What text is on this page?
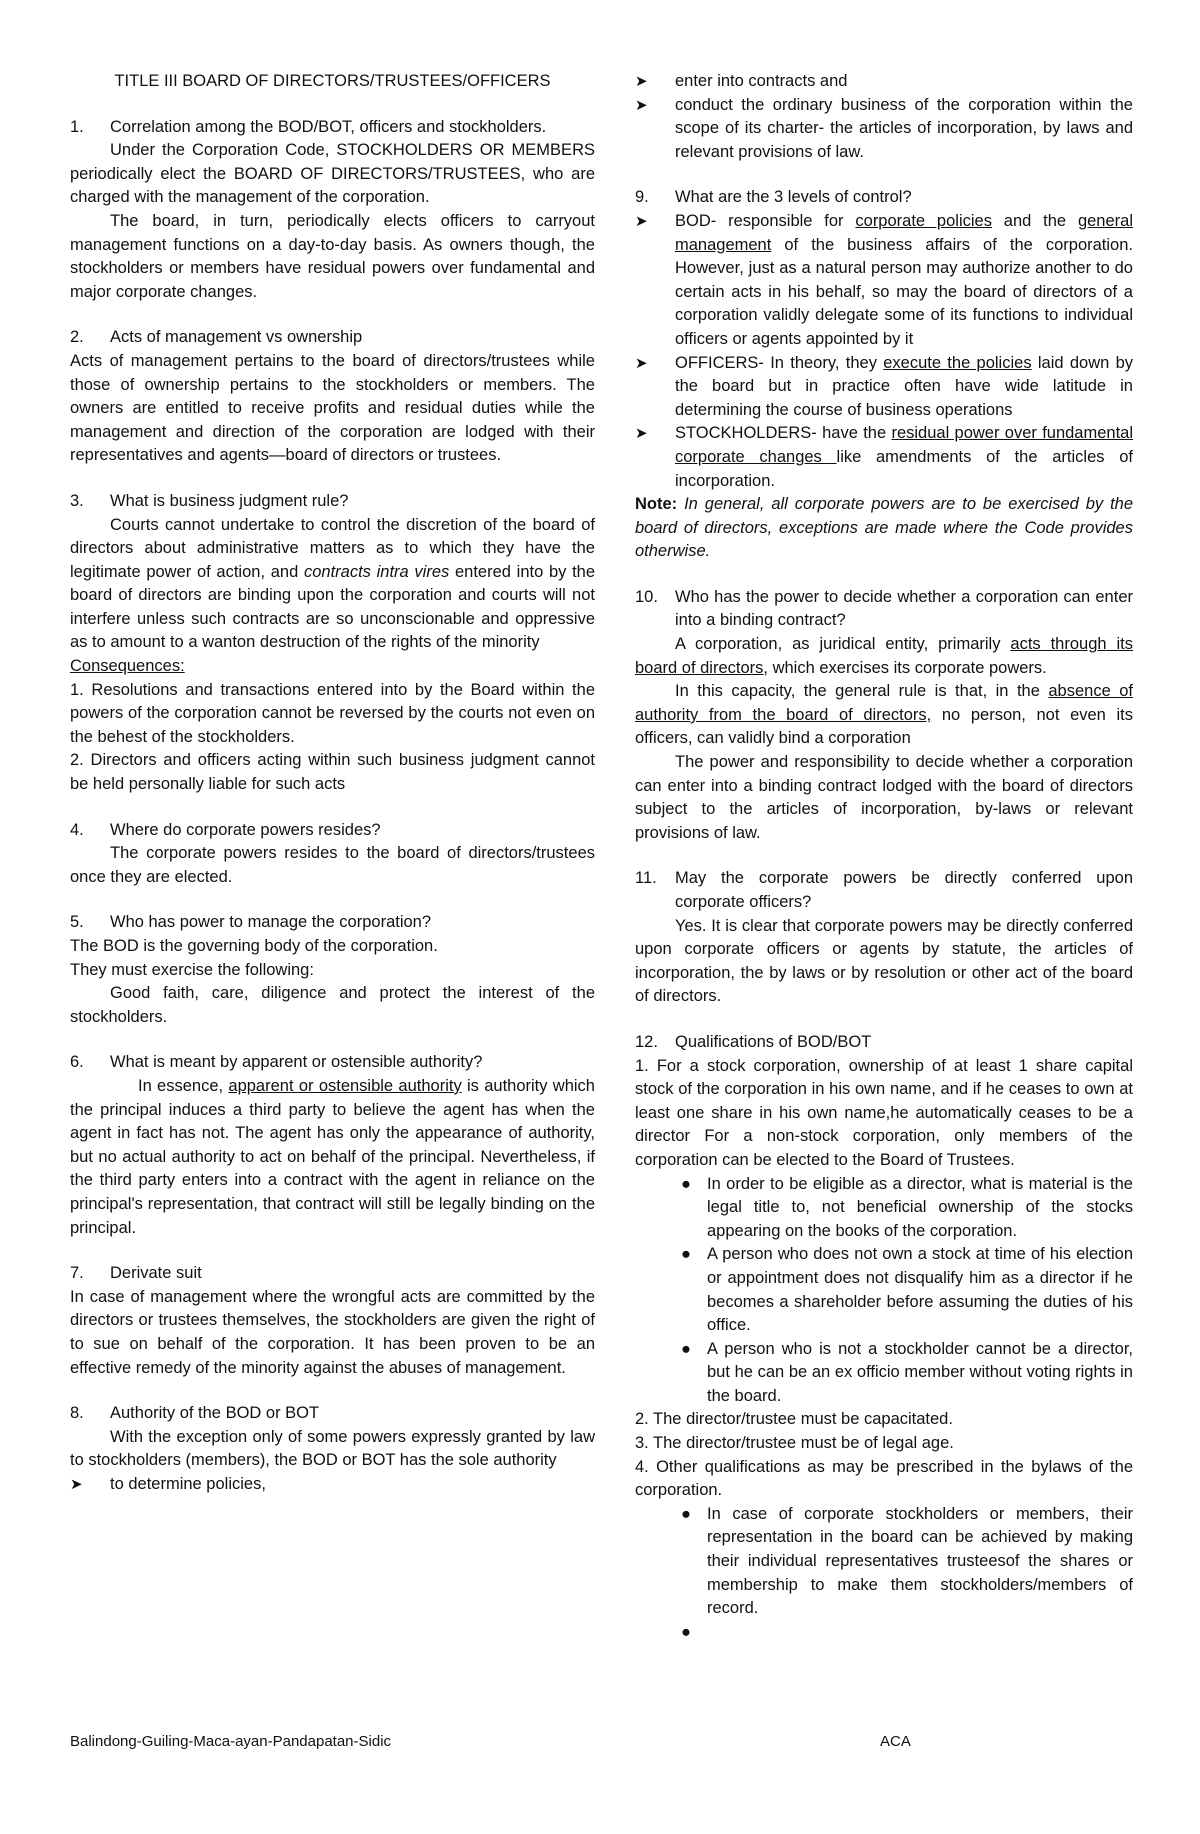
TITLE III BOARD OF DIRECTORS/TRUSTEES/OFFICERS
1.	Correlation among the BOD/BOT, officers and stockholders.

Under the Corporation Code, STOCKHOLDERS OR MEMBERS periodically elect the BOARD OF DIRECTORS/TRUSTEES, who are charged with the management of the corporation.

The board, in turn, periodically elects officers to carryout management functions on a day-to-day basis. As owners though, the stockholders or members have residual powers over fundamental and major corporate changes.

2.	Acts of management vs ownership

Acts of management pertains to the board of directors/trustees while those of ownership pertains to the stockholders or members. The owners are entitled to receive profits and residual duties while the management and direction of the corporation are lodged with their representatives and agents—board of directors or trustees.

3.	What is business judgment rule?

Courts cannot undertake to control the discretion of the board of directors about administrative matters as to which they have the legitimate power of action, and contracts intra vires entered into by the board of directors are binding upon the corporation and courts will not interfere unless such contracts are so unconscionable and oppressive as to amount to a wanton destruction of the rights of the minority

Consequences:

1. Resolutions and transactions entered into by the Board within the powers of the corporation cannot be reversed by the courts not even on the behest of the stockholders.

2. Directors and officers acting within such business judgment cannot be held personally liable for such acts

4.	Where do corporate powers resides?

The corporate powers resides to the board of directors/trustees once they are elected.

5.	Who has power to manage the corporation?

The BOD is the governing body of the corporation.

They must exercise the following:

Good faith, care, diligence and protect the interest of the stockholders.

6.	What is meant by apparent or ostensible authority?

In essence, apparent or ostensible authority is authority which the principal induces a third party to believe the agent has when the agent in fact has not. The agent has only the appearance of authority, but no actual authority to act on behalf of the principal. Nevertheless, if the third party enters into a contract with the agent in reliance on the principal's representation, that contract will still be legally binding on the principal.

7.	Derivate suit

In case of management where the wrongful acts are committed by the directors or trustees themselves, the stockholders are given the right of to sue on behalf of the corporation. It has been proven to be an effective remedy of the minority against the abuses of management.

8.	Authority of the BOD or BOT

With the exception only of some powers expressly granted by law to stockholders (members), the BOD or BOT has the sole authority

➤	to determine policies,
➤	enter into contracts and
➤	conduct the ordinary business of the corporation within the scope of its charter- the articles of incorporation, by laws and relevant provisions of law.
9.	What are the 3 levels of control?
➤	BOD- responsible for corporate policies and the general management of the business affairs of the corporation. However, just as a natural person may authorize another to do certain acts in his behalf, so may the board of directors of a corporation validly delegate some of its functions to individual officers or agents appointed by it
➤	OFFICERS- In theory, they execute the policies laid down by the board but in practice often have wide latitude in determining the course of business operations
➤	STOCKHOLDERS- have the residual power over fundamental corporate changes like amendments of the articles of incorporation.

Note: In general, all corporate powers are to be exercised by the board of directors, exceptions are made where the Code provides otherwise.

10.	Who has the power to decide whether a corporation can enter into a binding contract?

A corporation, as juridical entity, primarily acts through its board of directors, which exercises its corporate powers.

In this capacity, the general rule is that, in the absence of authority from the board of directors, no person, not even its officers, can validly bind a corporation

The power and responsibility to decide whether a corporation can enter into a binding contract lodged with the board of directors subject to the articles of incorporation, by-laws or relevant provisions of law.

11.	May the corporate powers be directly conferred upon corporate officers?

Yes. It is clear that corporate powers may be directly conferred upon corporate officers or agents by statute, the articles of incorporation, the by laws or by resolution or other act of the board of directors.

12.	Qualifications of BOD/BOT

1. For a stock corporation, ownership of at least 1 share capital stock of the corporation in his own name, and if he ceases to own at least one share in his own name,he automatically ceases to be a director For a non-stock corporation, only members of the corporation can be elected to the Board of Trustees.

● In order to be eligible as a director, what is material is the legal title to, not beneficial ownership of the stocks appearing on the books of the corporation.
● A person who does not own a stock at time of his election or appointment does not disqualify him as a director if he becomes a shareholder before assuming the duties of his office.
● A person who is not a stockholder cannot be a director, but he can be an ex officio member without voting rights in the board.

2. The director/trustee must be capacitated.

3. The director/trustee must be of legal age.

4. Other qualifications as may be prescribed in the bylaws of the corporation.

● In case of corporate stockholders or members, their representation in the board can be achieved by making their individual representatives trusteesof the shares or membership to make them stockholders/members of record.
●
Balindong-Guiling-Maca-ayan-Pandapatan-Sidic	ACA
